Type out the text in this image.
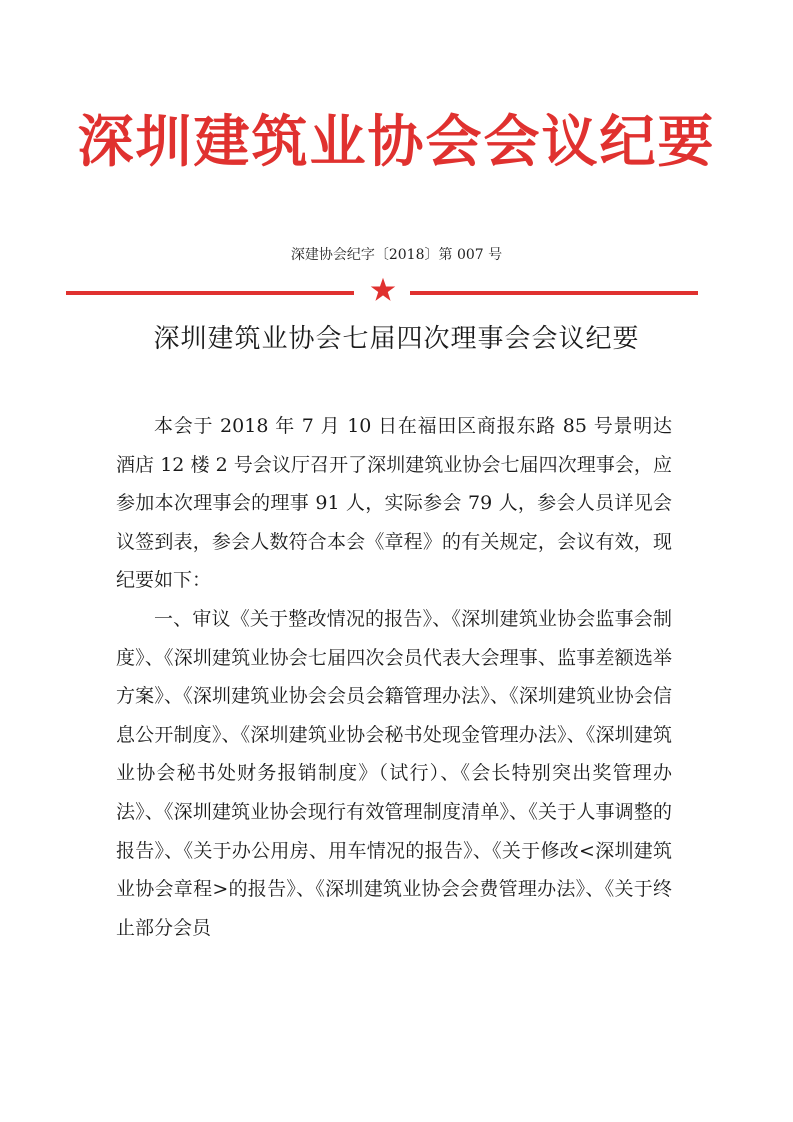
深圳建筑业协会会议纪要
深建协会纪字〔2018〕第 007 号
深圳建筑业协会七届四次理事会会议纪要

本会于 2018 年 7 月 10 日在福田区商报东路 85 号景明达酒店 12 楼 2 号会议厅召开了深圳建筑业协会七届四次理事会，应参加本次理事会的理事 91 人，实际参会 79 人，参会人员详见会议签到表，参会人数符合本会《章程》的有关规定，会议有效，现纪要如下：

一、审议《关于整改情况的报告》、《深圳建筑业协会监事会制度》、《深圳建筑业协会七届四次会员代表大会理事、监事差额选举方案》、《深圳建筑业协会会员会籍管理办法》、《深圳建筑业协会信息公开制度》、《深圳建筑业协会秘书处现金管理办法》、《深圳建筑业协会秘书处财务报销制度》（试行）、《会长特别突出奖管理办法》、《深圳建筑业协会现行有效管理制度清单》、《关于人事调整的报告》、《关于办公用房、用车情况的报告》、《关于修改<深圳建筑业协会章程>的报告》、《深圳建筑业协会会费管理办法》、《关于终止部分会员
